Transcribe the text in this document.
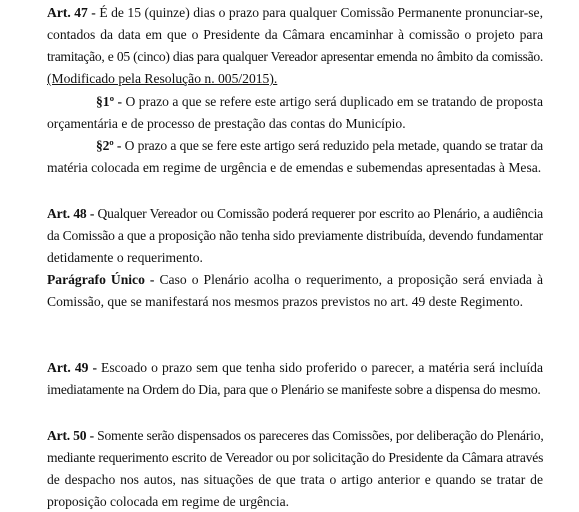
Art. 47 - É de 15 (quinze) dias o prazo para qualquer Comissão Permanente pronunciar-se,
contados da data em que o Presidente da Câmara encaminhar à comissão o projeto para
tramitação, e 05 (cinco) dias para qualquer Vereador apresentar emenda no âmbito da comissão.
(Modificado pela Resolução n. 005/2015).
§1º - O prazo a que se refere este artigo será duplicado em se tratando de proposta
orçamentária e de processo de prestação das contas do Município.
§2º - O prazo a que se fere este artigo será reduzido pela metade, quando se tratar da
matéria colocada em regime de urgência e de emendas e subemendas apresentadas à Mesa.
Art. 48 - Qualquer Vereador ou Comissão poderá requerer por escrito ao Plenário, a audiência
da Comissão a que a proposição não tenha sido previamente distribuída, devendo fundamentar
detidamente o requerimento.
Parágrafo Único - Caso o Plenário acolha o requerimento, a proposição será enviada à
Comissão, que se manifestará nos mesmos prazos previstos no art. 49 deste Regimento.
Art. 49 - Escoado o prazo sem que tenha sido proferido o parecer, a matéria será incluída
imediatamente na Ordem do Dia, para que o Plenário se manifeste sobre a dispensa do mesmo.
Art. 50 - Somente serão dispensados os pareceres das Comissões, por deliberação do Plenário,
mediante requerimento escrito de Vereador ou por solicitação do Presidente da Câmara através
de despacho nos autos, nas situações de que trata o artigo anterior e quando se tratar de
proposição colocada em regime de urgência.
